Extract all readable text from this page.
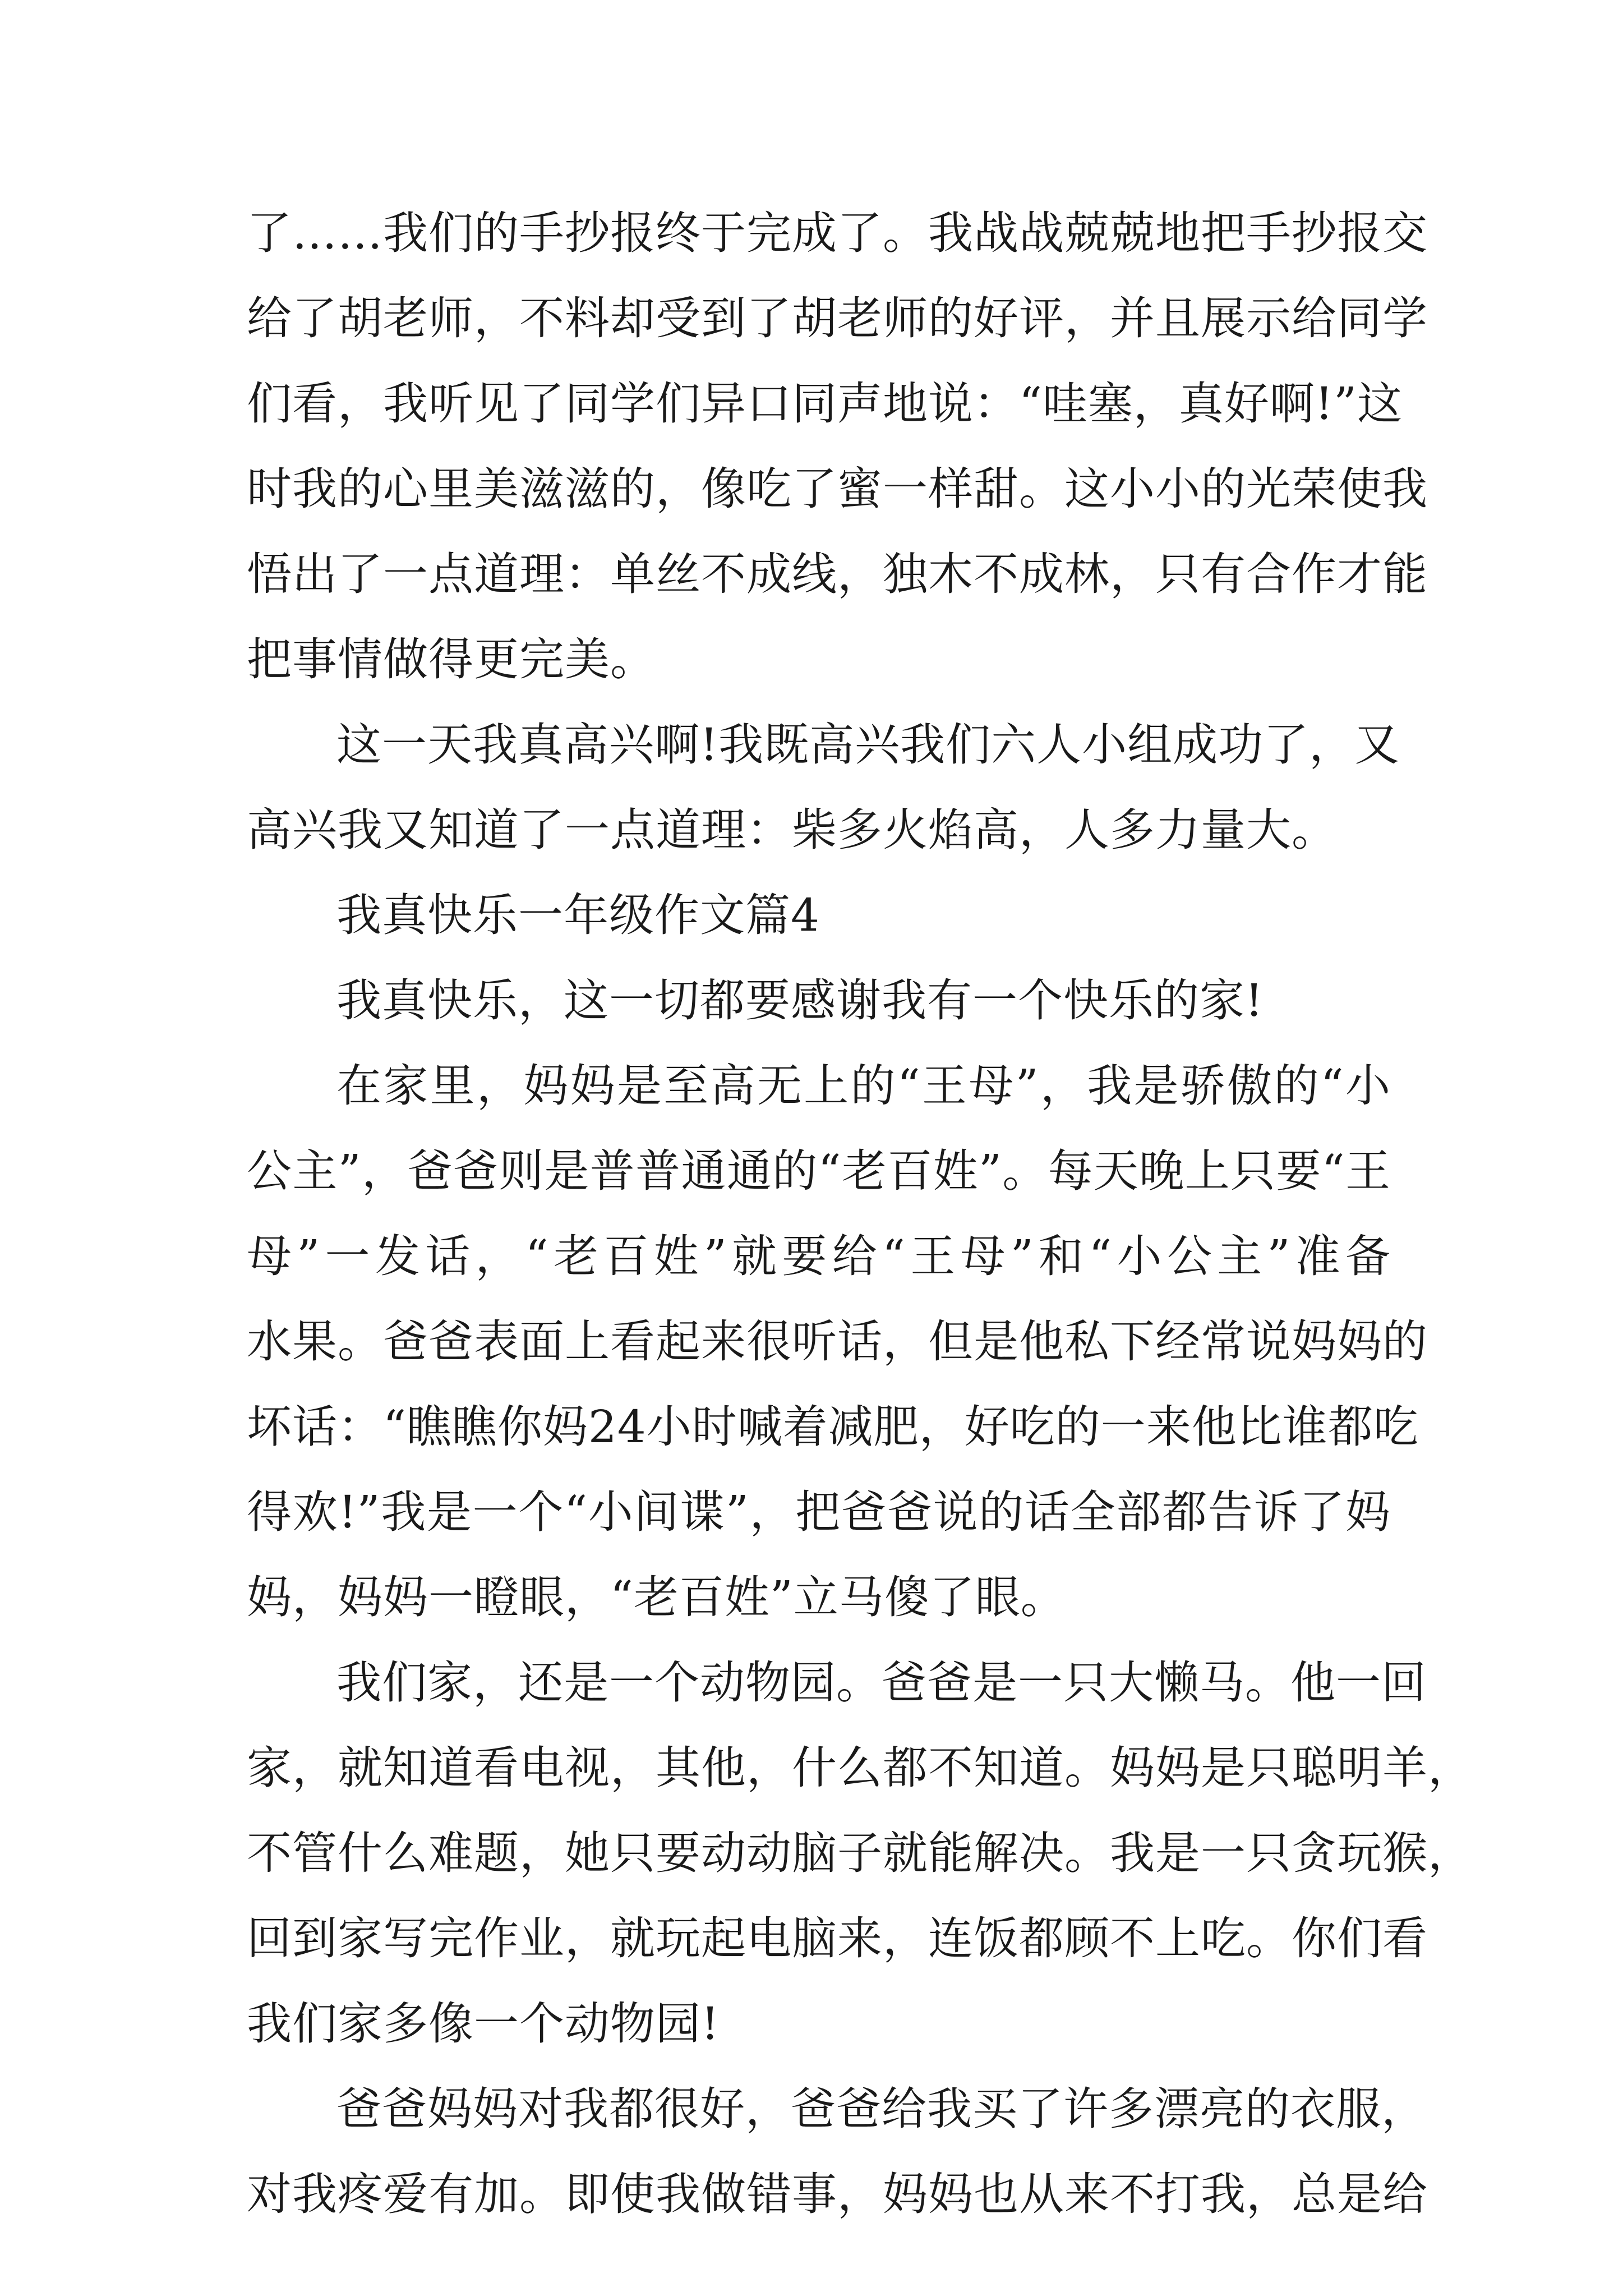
了……我们的手抄报终于完成了。我战战兢兢地把手抄报交
给了胡老师，不料却受到了胡老师的好评，并且展示给同学
们看，我听见了同学们异口同声地说：“哇塞，真好啊!”这
时我的心里美滋滋的，像吃了蜜一样甜。这小小的光荣使我
悟出了一点道理：单丝不成线，独木不成林，只有合作才能
把事情做得更完美。
这一天我真高兴啊!我既高兴我们六人小组成功了，又
高兴我又知道了一点道理：柴多火焰高，人多力量大。
我真快乐一年级作文篇4
我真快乐，这一切都要感谢我有一个快乐的家!
在家里，妈妈是至高无上的“王母”，我是骄傲的“小
公主”，爸爸则是普普通通的“老百姓”。每天晚上只要“王
母”一发话，“老百姓”就要给“王母”和“小公主”准备
水果。爸爸表面上看起来很听话，但是他私下经常说妈妈的
坏话：“瞧瞧你妈24小时喊着减肥，好吃的一来他比谁都吃
得欢!”我是一个“小间谍”，把爸爸说的话全部都告诉了妈
妈，妈妈一瞪眼，“老百姓”立马傻了眼。
我们家，还是一个动物园。爸爸是一只大懒马。他一回
家，就知道看电视，其他，什么都不知道。妈妈是只聪明羊，
不管什么难题，她只要动动脑子就能解决。我是一只贪玩猴，
回到家写完作业，就玩起电脑来，连饭都顾不上吃。你们看
我们家多像一个动物园!
爸爸妈妈对我都很好，爸爸给我买了许多漂亮的衣服，
对我疼爱有加。即使我做错事，妈妈也从来不打我，总是给
